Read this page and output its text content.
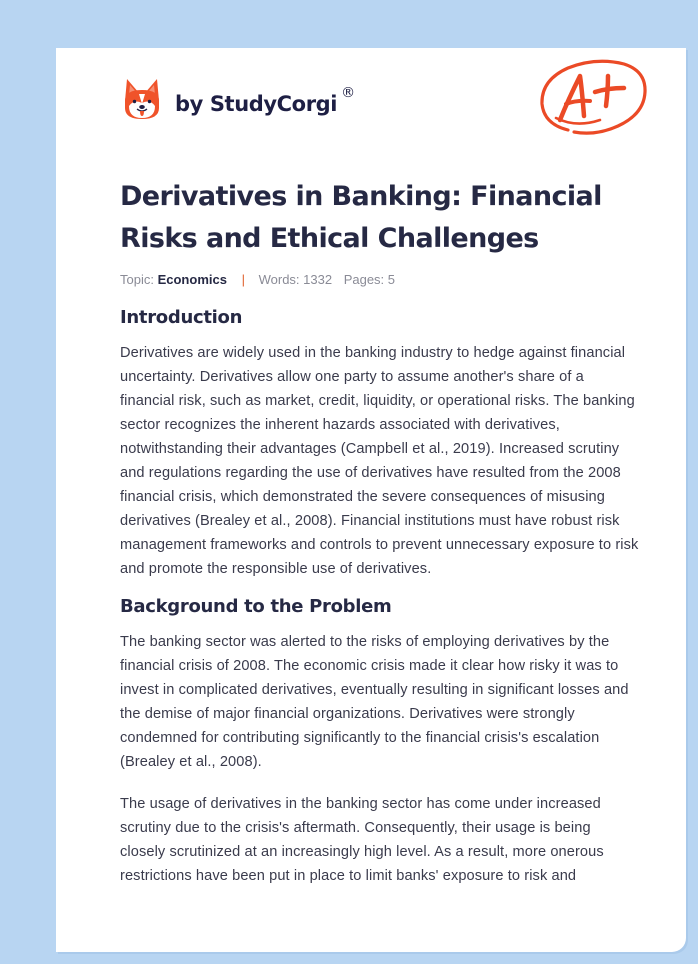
by StudyCorgi ®
Derivatives in Banking: Financial Risks and Ethical Challenges
Topic: Economics | Words: 1332 Pages: 5
Introduction

Derivatives are widely used in the banking industry to hedge against financial uncertainty. Derivatives allow one party to assume another's share of a financial risk, such as market, credit, liquidity, or operational risks. The banking sector recognizes the inherent hazards associated with derivatives, notwithstanding their advantages (Campbell et al., 2019). Increased scrutiny and regulations regarding the use of derivatives have resulted from the 2008 financial crisis, which demonstrated the severe consequences of misusing derivatives (Brealey et al., 2008). Financial institutions must have robust risk management frameworks and controls to prevent unnecessary exposure to risk and promote the responsible use of derivatives.

Background to the Problem

The banking sector was alerted to the risks of employing derivatives by the financial crisis of 2008. The economic crisis made it clear how risky it was to invest in complicated derivatives, eventually resulting in significant losses and the demise of major financial organizations. Derivatives were strongly condemned for contributing significantly to the financial crisis's escalation (Brealey et al., 2008).

The usage of derivatives in the banking sector has come under increased scrutiny due to the crisis's aftermath. Consequently, their usage is being closely scrutinized at an increasingly high level. As a result, more onerous restrictions have been put in place to limit banks' exposure to risk and
